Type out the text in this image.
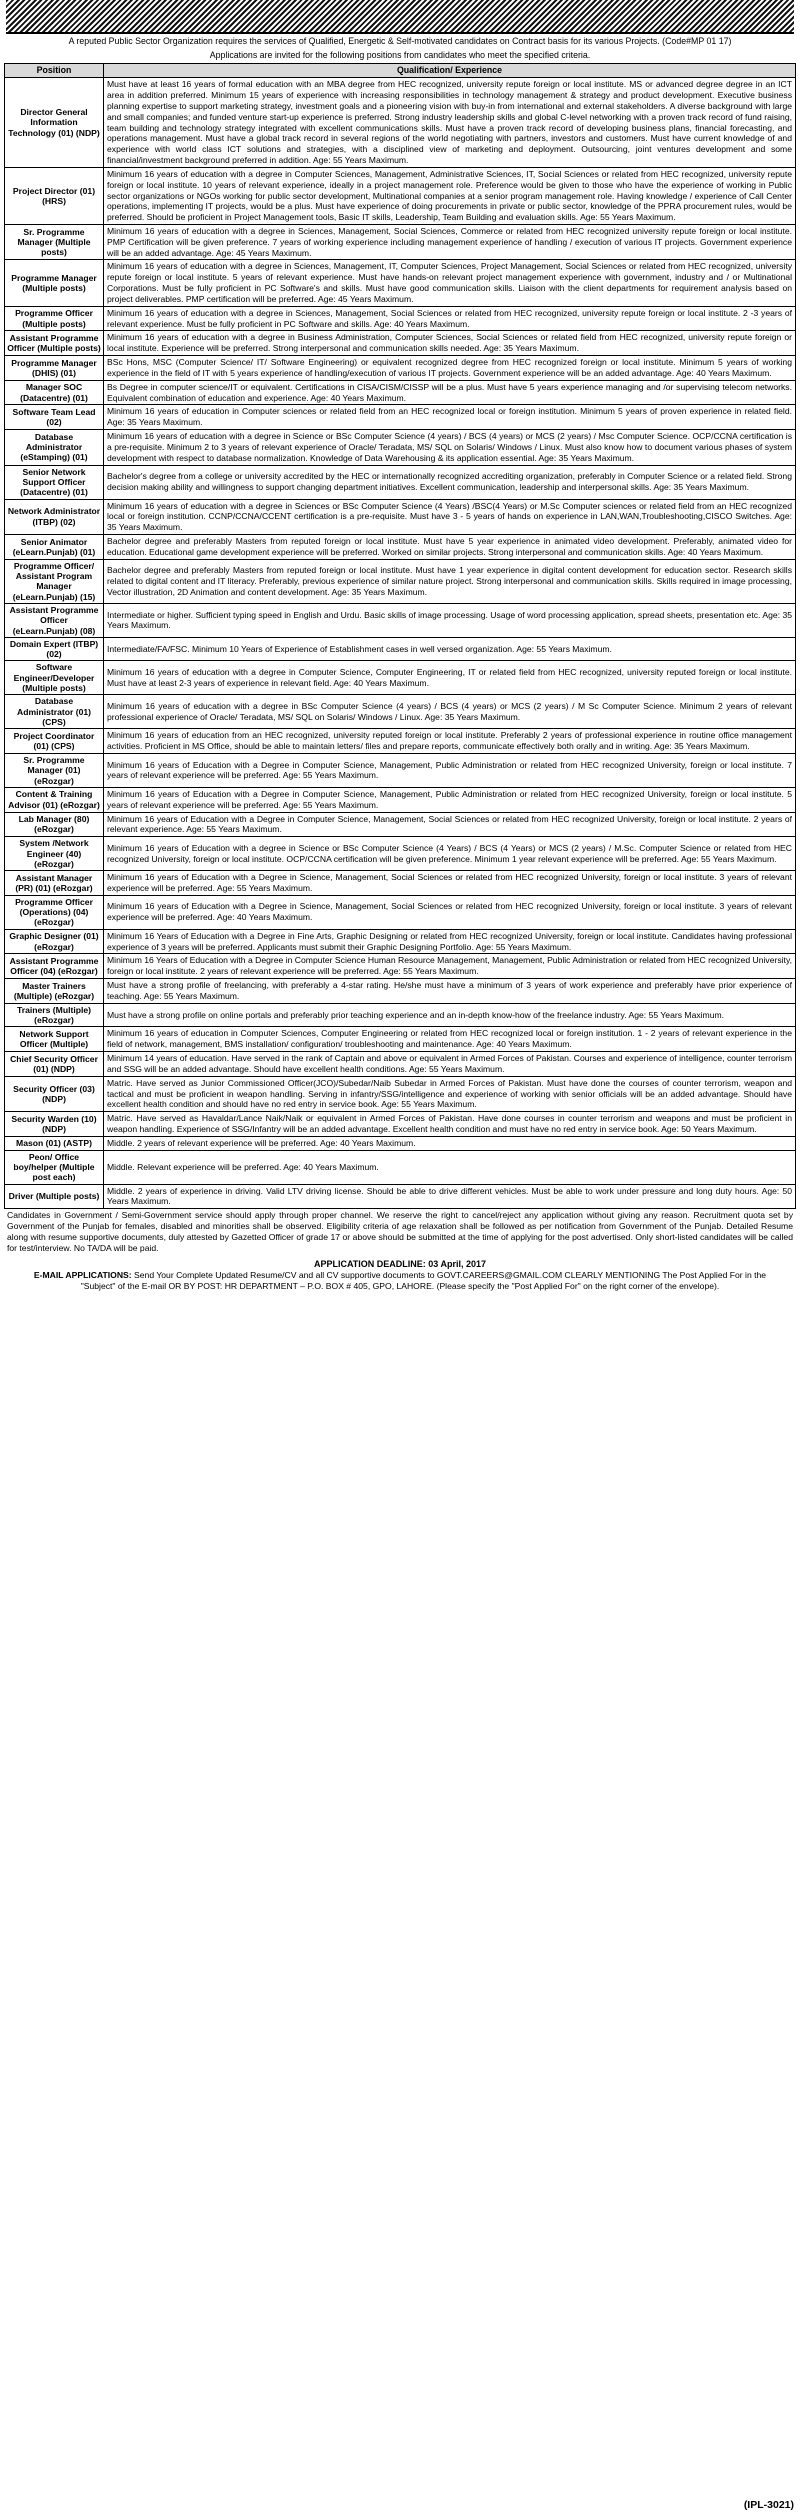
A reputed Public Sector Organization requires the services of Qualified, Energetic & Self-motivated candidates on Contract basis for its various Projects. (Code#MP 01 17)
Applications are invited for the following positions from candidates who meet the specified criteria.
Position	Qualification/ Experience
Director General Information Technology (01) (NDP)	Must have at least 16 years of formal education with an MBA degree from HEC recognized, university repute foreign or local institute. MS or advanced degree degree in an ICT area in addition preferred. Minimum 15 years of experience with increasing responsibilities in technology management & strategy and product development. Executive business planning expertise to support marketing strategy, investment goals and a pioneering vision with buy-in from international and external stakeholders. A diverse background with large and small companies; and funded venture start-up experience is preferred. Strong industry leadership skills and global C-level networking with a proven track record of fund raising, team building and technology strategy integrated with excellent communications skills. Must have a proven track record of developing business plans, financial forecasting, and operations management. Must have a global track record in several regions of the world negotiating with partners, investors and customers. Must have current knowledge of and experience with world class ICT solutions and strategies, with a disciplined view of marketing and deployment. Outsourcing, joint ventures development and some financial/investment background preferred in addition. Age: 55 Years Maximum.
Project Director (01) (HRS)	Minimum 16 years of education with a degree in Computer Sciences, Management, Administrative Sciences, IT, Social Sciences or related from HEC recognized, university repute foreign or local institute. 10 years of relevant experience, ideally in a project management role. Preference would be given to those who have the experience of working in Public sector organizations or NGOs working for public sector development, Multinational companies at a senior program management role. Having knowledge / experience of Call Center operations, implementing IT projects, would be a plus. Must have experience of doing procurements in private or public sector, knowledge of the PPRA procurement rules, would be preferred. Should be proficient in Project Management tools, Basic IT skills, Leadership, Team Building and evaluation skills. Age: 55 Years Maximum.
Sr. Programme Manager (Multiple posts)	Minimum 16 years of education with a degree in Sciences, Management, Social Sciences, Commerce or related from HEC recognized university repute foreign or local institute. PMP Certification will be given preference. 7 years of working experience including management experience of handling / execution of various IT projects. Government experience will be an added advantage. Age: 45 Years Maximum.
Programme Manager (Multiple posts)	Minimum 16 years of education with a degree in Sciences, Management, IT, Computer Sciences, Project Management, Social Sciences or related from HEC recognized, university repute foreign or local institute. 5 years of relevant experience. Must have hands-on relevant project management experience with government, industry and / or Multinational Corporations. Must be fully proficient in PC Software's and skills. Must have good communication skills. Liaison with the client departments for requirement analysis based on project deliverables. PMP certification will be preferred. Age: 45 Years Maximum.
Programme Officer (Multiple posts)	Minimum 16 years of education with a degree in Sciences, Management, Social Sciences or related from HEC recognized, university repute foreign or local institute. 2 -3 years of relevant experience. Must be fully proficient in PC Software and skills. Age: 40 Years Maximum.
Assistant Programme Officer (Multiple posts)	Minimum 16 years of education with a degree in Business Administration, Computer Sciences, Social Sciences or related field from HEC recognized, university repute foreign or local institute. Experience will be preferred. Strong interpersonal and communication skills needed. Age: 35 Years Maximum.
Programme Manager (DHIS) (01)	BSc Hons, MSC (Computer Science/ IT/ Software Engineering) or equivalent recognized degree from HEC recognized foreign or local institute. Minimum 5 years of working experience in the field of IT with 5 years experience of handling/execution of various IT projects. Government experience will be an added advantage. Age: 40 Years Maximum.
Manager SOC (Datacentre) (01)	Bs Degree in computer science/IT or equivalent. Certifications in CISA/CISM/CISSP will be a plus. Must have 5 years experience managing and /or supervising telecom networks. Equivalent combination of education and experience. Age: 40 Years Maximum.
Software Team Lead (02)	Minimum 16 years of education in Computer sciences or related field from an HEC recognized local or foreign institution. Minimum 5 years of proven experience in related field. Age: 35 Years Maximum.
Database Administrator (eStamping) (01)	Minimum 16 years of education with a degree in Science or BSc Computer Science (4 years) / BCS (4 years) or MCS (2 years) / Msc Computer Science. OCP/CCNA certification is a pre-requisite. Minimum 2 to 3 years of relevant experience of Oracle/ Teradata, MS/ SQL on Solaris/ Windows / Linux. Must also know how to document various phases of system development with respect to database normalization. Knowledge of Data Warehousing & its application essential. Age: 35 Years Maximum.
Senior Network Support Officer (Datacentre) (01)	Bachelor's degree from a college or university accredited by the HEC or internationally recognized accrediting organization, preferably in Computer Science or a related field. Strong decision making ability and willingness to support changing department initiatives. Excellent communication, leadership and interpersonal skills. Age: 35 Years Maximum.
Network Administrator (ITBP) (02)	Minimum 16 years of education with a degree in Sciences or BSc Computer Science (4 Years) /BSC(4 Years) or M.Sc Computer sciences or related field from an HEC recognized local or foreign institution. CCNP/CCNA/CCENT certification is a pre-requisite. Must have 3 - 5 years of hands on experience in LAN,WAN,Troubleshooting,CISCO Switches. Age: 35 Years Maximum.
Senior Animator (eLearn.Punjab) (01)	Bachelor degree and preferably Masters from reputed foreign or local institute. Must have 5 year experience in animated video development. Preferably, animated video for education. Educational game development experience will be preferred. Worked on similar projects. Strong interpersonal and communication skills. Age: 40 Years Maximum.
Programme Officer/ Assistant Program Manager (eLearn.Punjab) (15)	Bachelor degree and preferably Masters from reputed foreign or local institute. Must have 1 year experience in digital content development for education sector. Research skills related to digital content and IT literacy. Preferably, previous experience of similar nature project. Strong interpersonal and communication skills. Skills required in image processing, Vector illustration, 2D Animation and content development. Age: 35 Years Maximum.
Assistant Programme Officer (eLearn.Punjab) (08)	Intermediate or higher. Sufficient typing speed in English and Urdu. Basic skills of image processing. Usage of word processing application, spread sheets, presentation etc. Age: 35 Years Maximum.
Domain Expert (ITBP) (02)	Intermediate/FA/FSC. Minimum 10 Years of Experience of Establishment cases in well versed organization. Age: 55 Years Maximum.
Software Engineer/Developer (Multiple posts)	Minimum 16 years of education with a degree in Computer Science, Computer Engineering, IT or related field from HEC recognized, university reputed foreign or local institute. Must have at least 2-3 years of experience in relevant field. Age: 40 Years Maximum.
Database Administrator (01) (CPS)	Minimum 16 years of education with a degree in BSc Computer Science (4 years) / BCS (4 years) or MCS (2 years) / M Sc Computer Science. Minimum 2 years of relevant professional experience of Oracle/ Teradata, MS/ SQL on Solaris/ Windows / Linux. Age: 35 Years Maximum.
Project Coordinator (01) (CPS)	Minimum 16 years of education from an HEC recognized, university reputed foreign or local institute. Preferably 2 years of professional experience in routine office management activities. Proficient in MS Office, should be able to maintain letters/ files and prepare reports, communicate effectively both orally and in writing. Age: 35 Years Maximum.
Sr. Programme Manager (01) (eRozgar)	Minimum 16 years of Education with a Degree in Computer Science, Management, Public Administration or related from HEC recognized University, foreign or local institute. 7 years of relevant experience will be preferred. Age: 55 Years Maximum.
Content & Training Advisor (01) (eRozgar)	Minimum 16 years of Education with a Degree in Computer Science, Management, Public Administration or related from HEC recognized University, foreign or local institute. 5 years of relevant experience will be preferred. Age: 55 Years Maximum.
Lab Manager (80) (eRozgar)	Minimum 16 years of Education with a Degree in Computer Science, Management, Social Sciences or related from HEC recognized University, foreign or local institute. 2 years of relevant experience. Age: 55 Years Maximum.
System /Network Engineer (40) (eRozgar)	Minimum 16 years of Education with a degree in Science or BSc Computer Science (4 Years) / BCS (4 Years) or MCS (2 years) / M.Sc. Computer Science or related from HEC recognized University, foreign or local institute. OCP/CCNA certification will be given preference. Minimum 1 year relevant experience will be preferred. Age: 55 Years Maximum.
Assistant Manager (PR) (01) (eRozgar)	Minimum 16 years of Education with a Degree in Science, Management, Social Sciences or related from HEC recognized University, foreign or local institute. 3 years of relevant experience will be preferred. Age: 55 Years Maximum.
Programme Officer (Operations) (04) (eRozgar)	Minimum 16 years of Education with a Degree in Science, Management, Social Sciences or related from HEC recognized University, foreign or local institute. 3 years of relevant experience will be preferred. Age: 40 Years Maximum.
Graphic Designer (01) (eRozgar)	Minimum 16 Years of Education with a Degree in Fine Arts, Graphic Designing or related from HEC recognized University, foreign or local institute. Candidates having professional experience of 3 years will be preferred. Applicants must submit their Graphic Designing Portfolio. Age: 55 Years Maximum.
Assistant Programme Officer (04) (eRozgar)	Minimum 16 Years of Education with a Degree in Computer Science Human Resource Management, Management, Public Administration or related from HEC recognized University, foreign or local institute. 2 years of relevant experience will be preferred. Age: 55 Years Maximum.
Master Trainers (Multiple) (eRozgar)	Must have a strong profile of freelancing, with preferably a 4-star rating. He/she must have a minimum of 3 years of work experience and preferably have prior experience of teaching. Age: 55 Years Maximum.
Trainers (Multiple) (eRozgar)	Must have a strong profile on online portals and preferably prior teaching experience and an in-depth know-how of the freelance industry. Age: 55 Years Maximum.
Network Support Officer (Multiple)	Minimum 16 years of education in Computer Sciences, Computer Engineering or related from HEC recognized local or foreign institution. 1 - 2 years of relevant experience in the field of network, management, BMS installation/ configuration/ troubleshooting and maintenance. Age: 40 Years Maximum.
Chief Security Officer (01) (NDP)	Minimum 14 years of education. Have served in the rank of Captain and above or equivalent in Armed Forces of Pakistan. Courses and experience of intelligence, counter terrorism and SSG will be an added advantage. Should have excellent health conditions. Age: 55 Years Maximum.
Security Officer (03) (NDP)	Matric. Have served as Junior Commissioned Officer(JCO)/Subedar/Naib Subedar in Armed Forces of Pakistan. Must have done the courses of counter terrorism, weapon and tactical and must be proficient in weapon handling. Serving in infantry/SSG/intelligence and experience of working with senior officials will be an added advantage. Should have excellent health condition and should have no red entry in service book. Age: 55 Years Maximum.
Security Warden (10) (NDP)	Matric. Have served as Havaldar/Lance Naik/Naik or equivalent in Armed Forces of Pakistan. Have done courses in counter terrorism and weapons and must be proficient in weapon handling. Experience of SSG/Infantry will be an added advantage. Excellent health condition and must have no red entry in service book. Age: 50 Years Maximum.
Mason (01) (ASTP)	Middle. 2 years of relevant experience will be preferred. Age: 40 Years Maximum.
Peon/ Office boy/helper (Multiple post each)	Middle. Relevant experience will be preferred. Age: 40 Years Maximum.
Driver (Multiple posts)	Middle. 2 years of experience in driving. Valid LTV driving license. Should be able to drive different vehicles. Must be able to work under pressure and long duty hours. Age: 50 Years Maximum.
Candidates in Government / Semi-Government service should apply through proper channel. We reserve the right to cancel/reject any application without giving any reason. Recruitment quota set by Government of the Punjab for females, disabled and minorities shall be observed. Eligibility criteria of age relaxation shall be followed as per notification from Government of the Punjab. Detailed Resume along with resume supportive documents, duly attested by Gazetted Officer of grade 17 or above should be submitted at the time of applying for the post advertised. Only short-listed candidates will be called for test/interview. No TA/DA will be paid.
APPLICATION DEADLINE: 03 April, 2017
E-MAIL APPLICATIONS: Send Your Complete Updated Resume/CV and all CV supportive documents to GOVT.CAREERS@GMAIL.COM CLEARLY MENTIONING The Post Applied For in the "Subject" of the E-mail OR BY POST: HR DEPARTMENT – P.O. BOX # 405, GPO, LAHORE. (Please specify the "Post Applied For" on the right corner of the envelope).
(IPL-3021)
